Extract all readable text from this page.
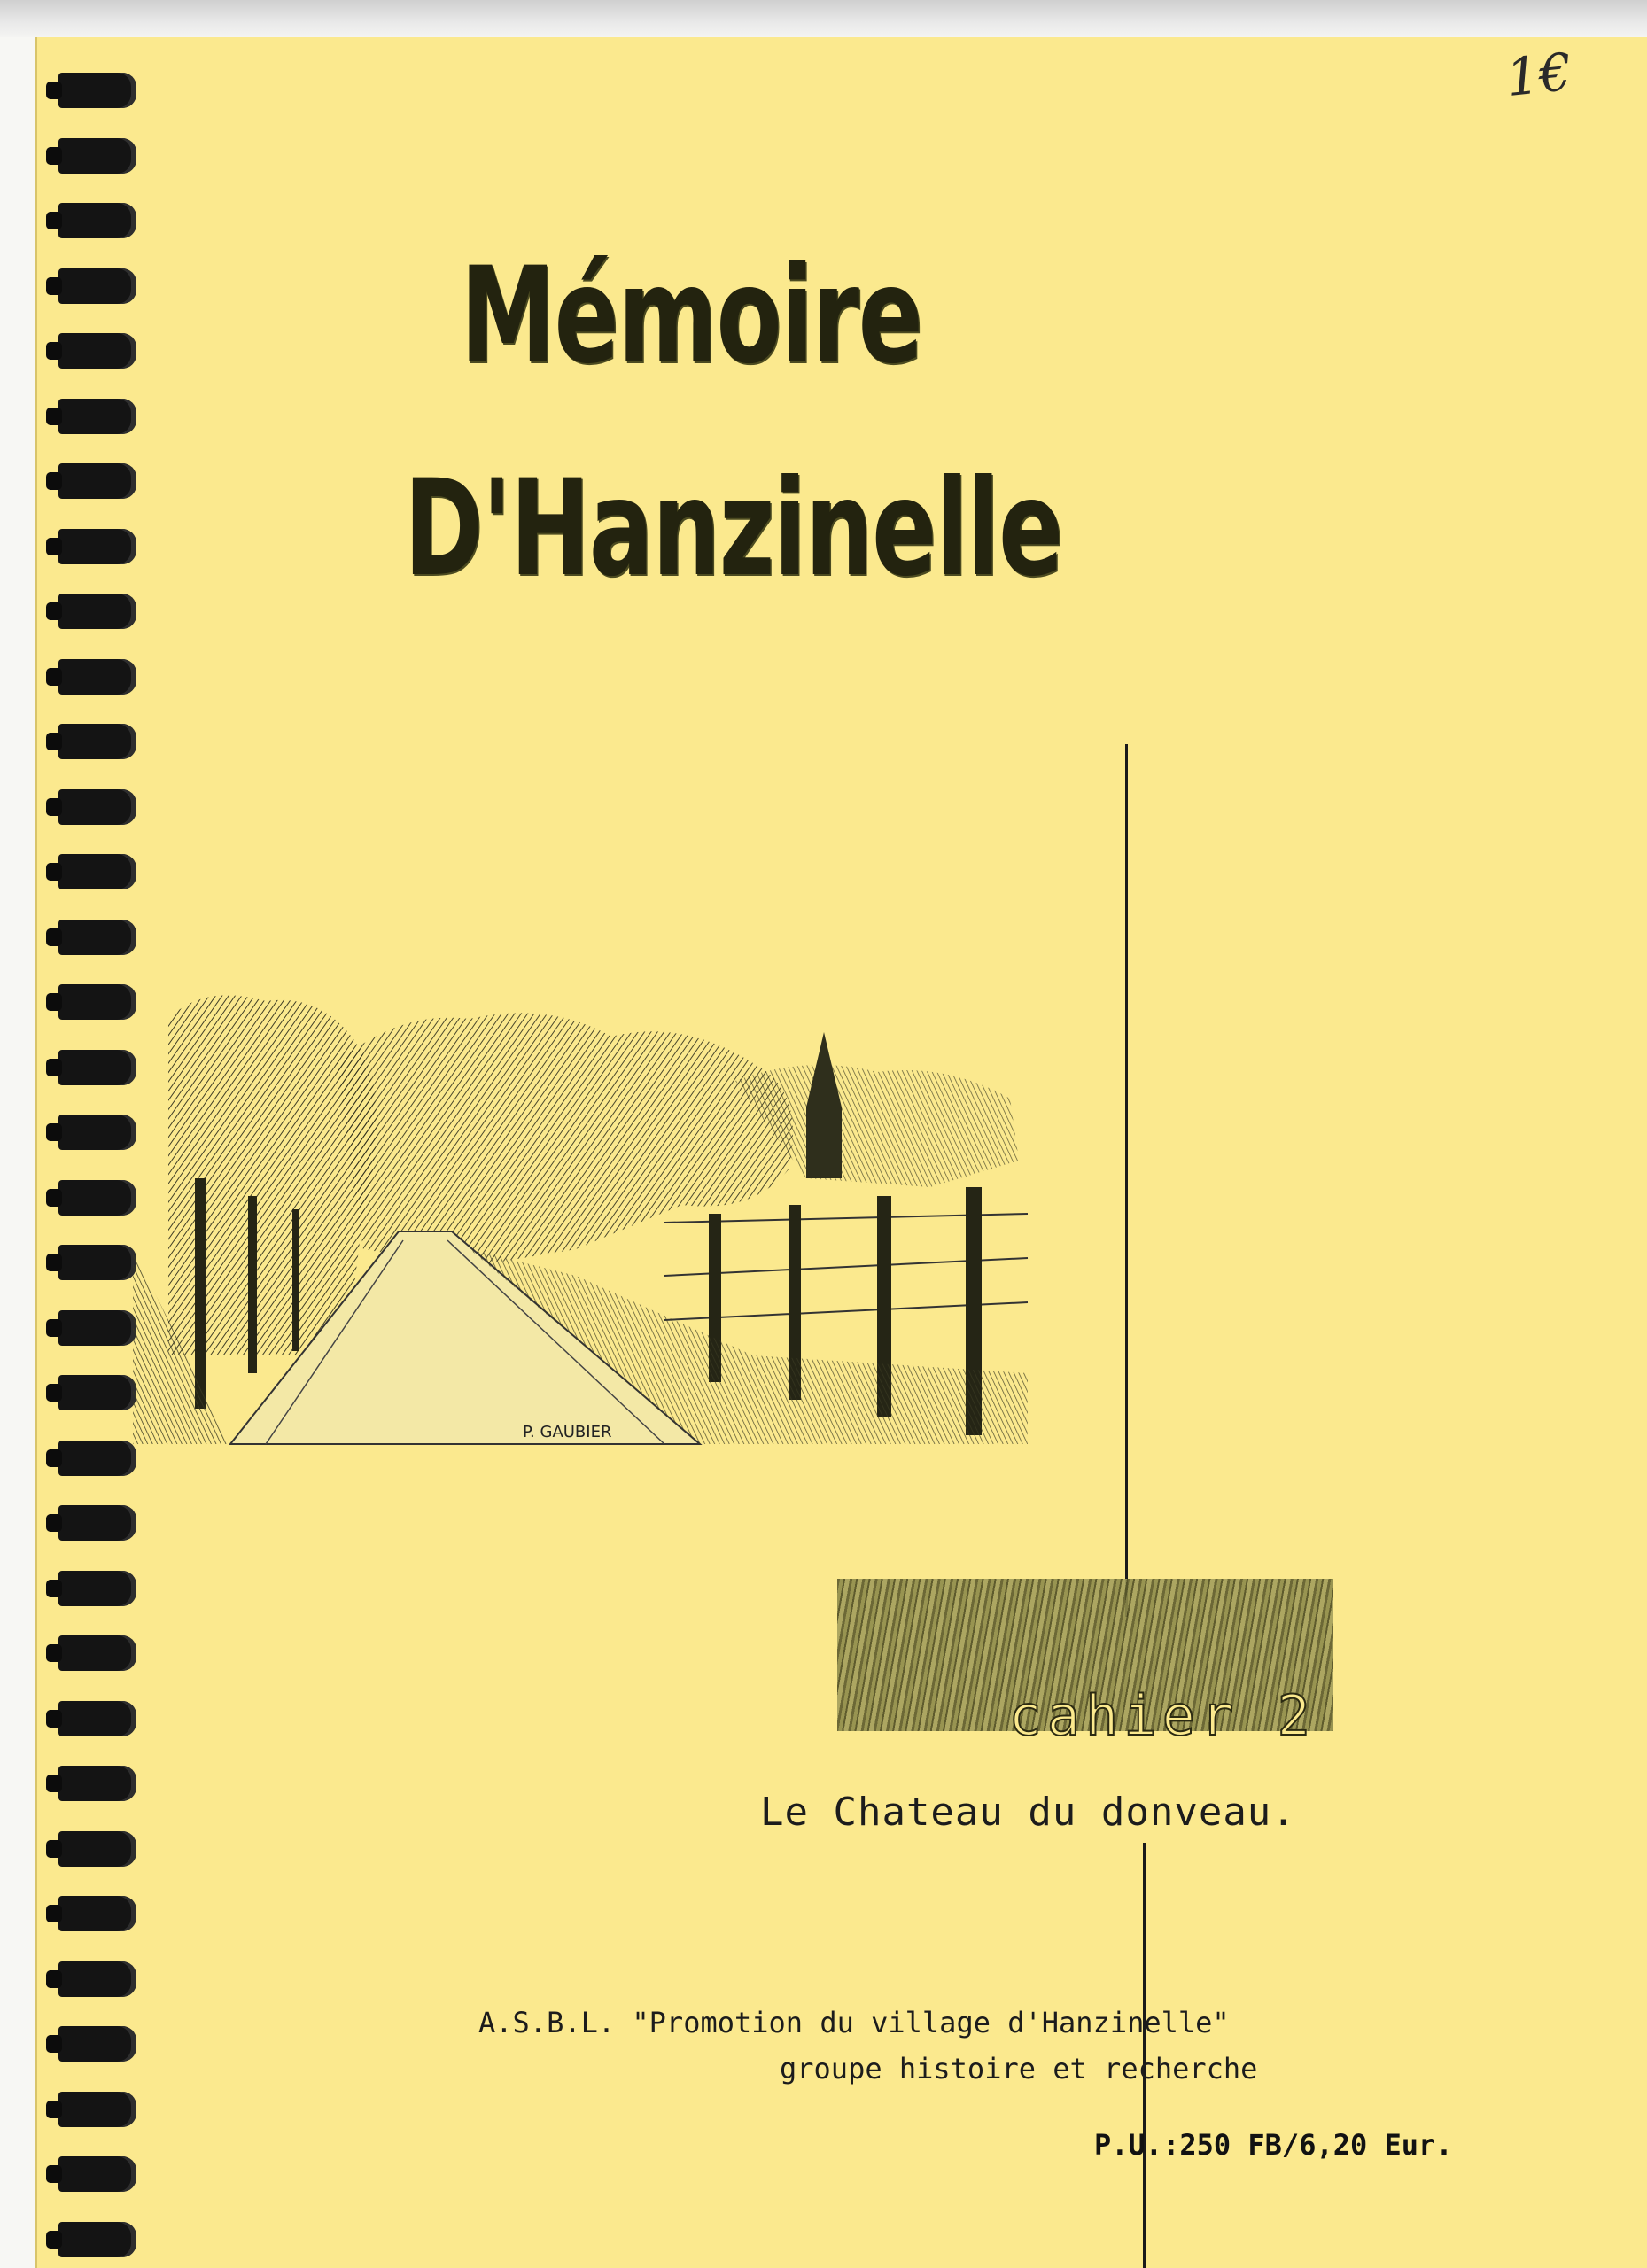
1€
Mémoire
D'Hanzinelle
P. GAUBIER
cahier 2
Le Chateau du donveau.
A.S.B.L. "Promotion du village d'Hanzinelle"
groupe histoire et recherche
P.U.:250 FB/6,20 Eur.
